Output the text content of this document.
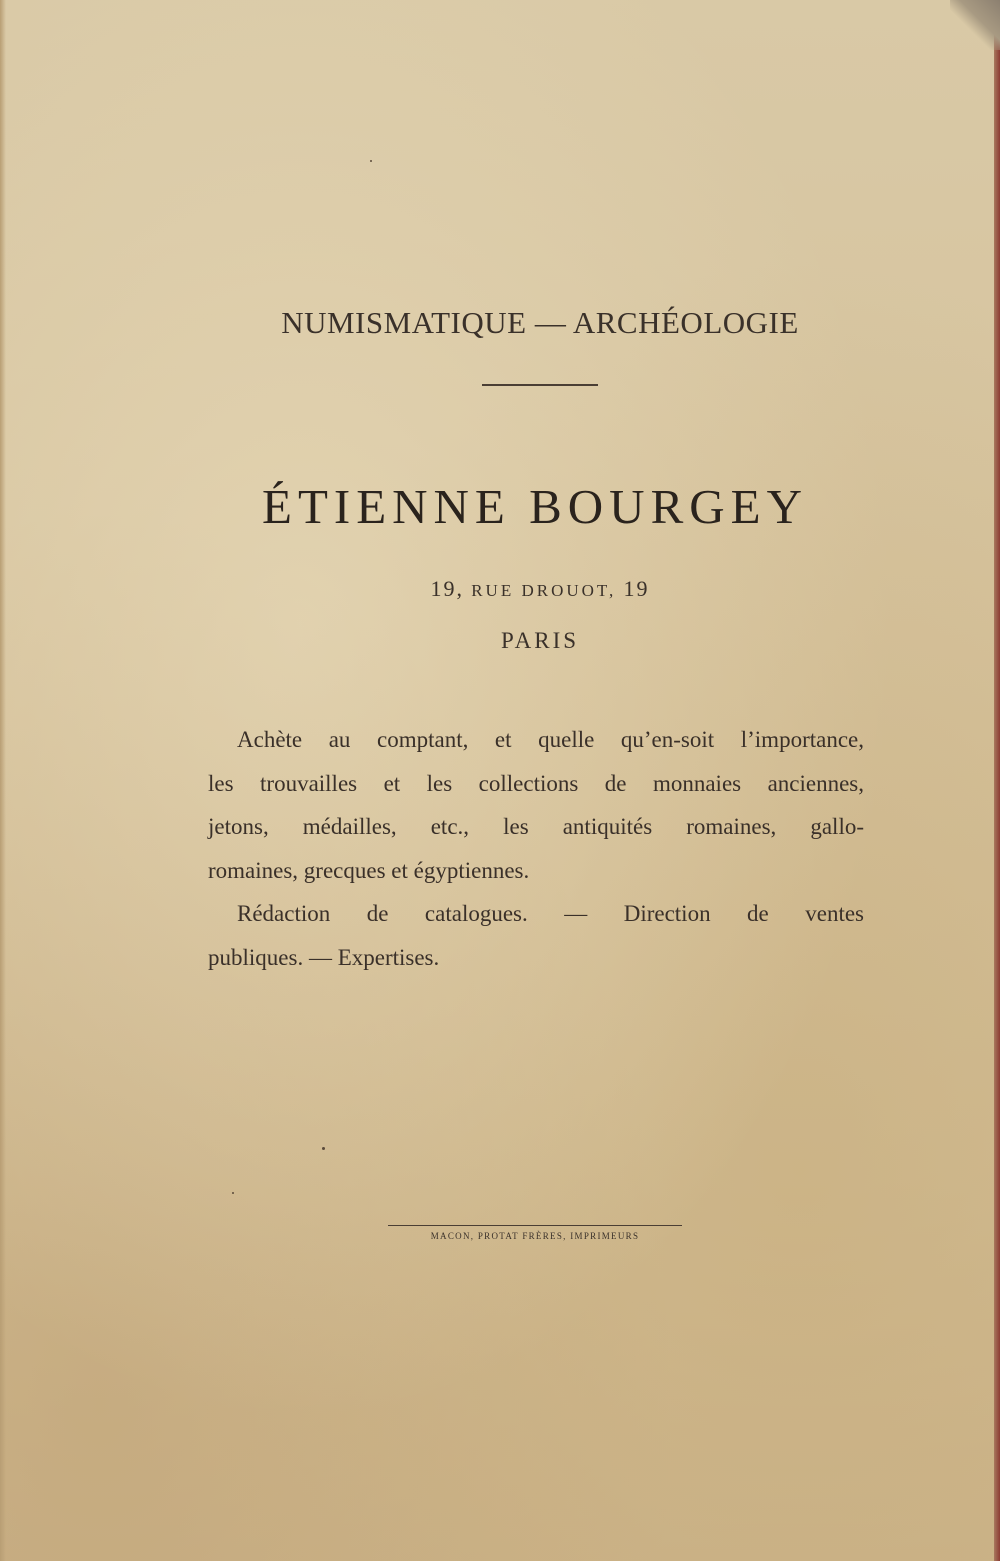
NUMISMATIQUE — ARCHÉOLOGIE
ÉTIENNE BOURGEY
19, RUE DROUOT, 19
PARIS
Achète au comptant, et quelle qu’en-soit l’importance,
les trouvailles et les collections de monnaies anciennes,
jetons, médailles, etc., les antiquités romaines, gallo-
romaines, grecques et égyptiennes.
Rédaction de catalogues. — Direction de ventes
publiques. — Expertises.
MACON, PROTAT FRÈRES, IMPRIMEURS
